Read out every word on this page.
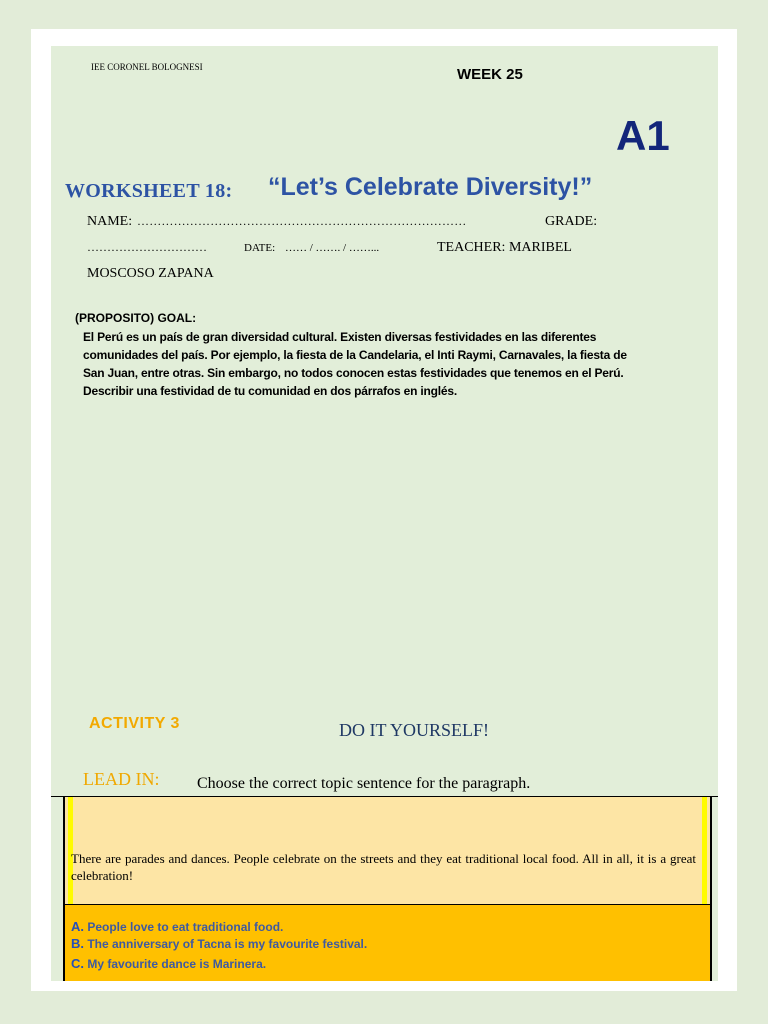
IEE CORONEL BOLOGNESI	WEEK 25
A1
WORKSHEET 18: “Let’s Celebrate Diversity!”
NAME: ………………………………………………………………………	GRADE:
…………………………	DATE: …… / ……. / ……...	TEACHER: MARIBEL
MOSCOSO ZAPANA
(PROPOSITO) GOAL:
El Perú es un país de gran diversidad cultural. Existen diversas festividades en las diferentes
comunidades del país. Por ejemplo, la fiesta de la Candelaria, el Inti Raymi, Carnavales, la fiesta de
San Juan, entre otras. Sin embargo, no todos conocen estas festividades que tenemos en el Perú.
Describir una festividad de tu comunidad en dos párrafos en inglés.
ACTIVITY 3	DO IT YOURSELF!
LEAD IN: Choose the correct topic sentence for the paragraph.
There are parades and dances. People celebrate on the streets and they eat traditional local food. All in all, it is a great celebration!
A. People love to eat traditional food.
B. The anniversary of Tacna is my favourite festival.
C. My favourite dance is Marinera.
